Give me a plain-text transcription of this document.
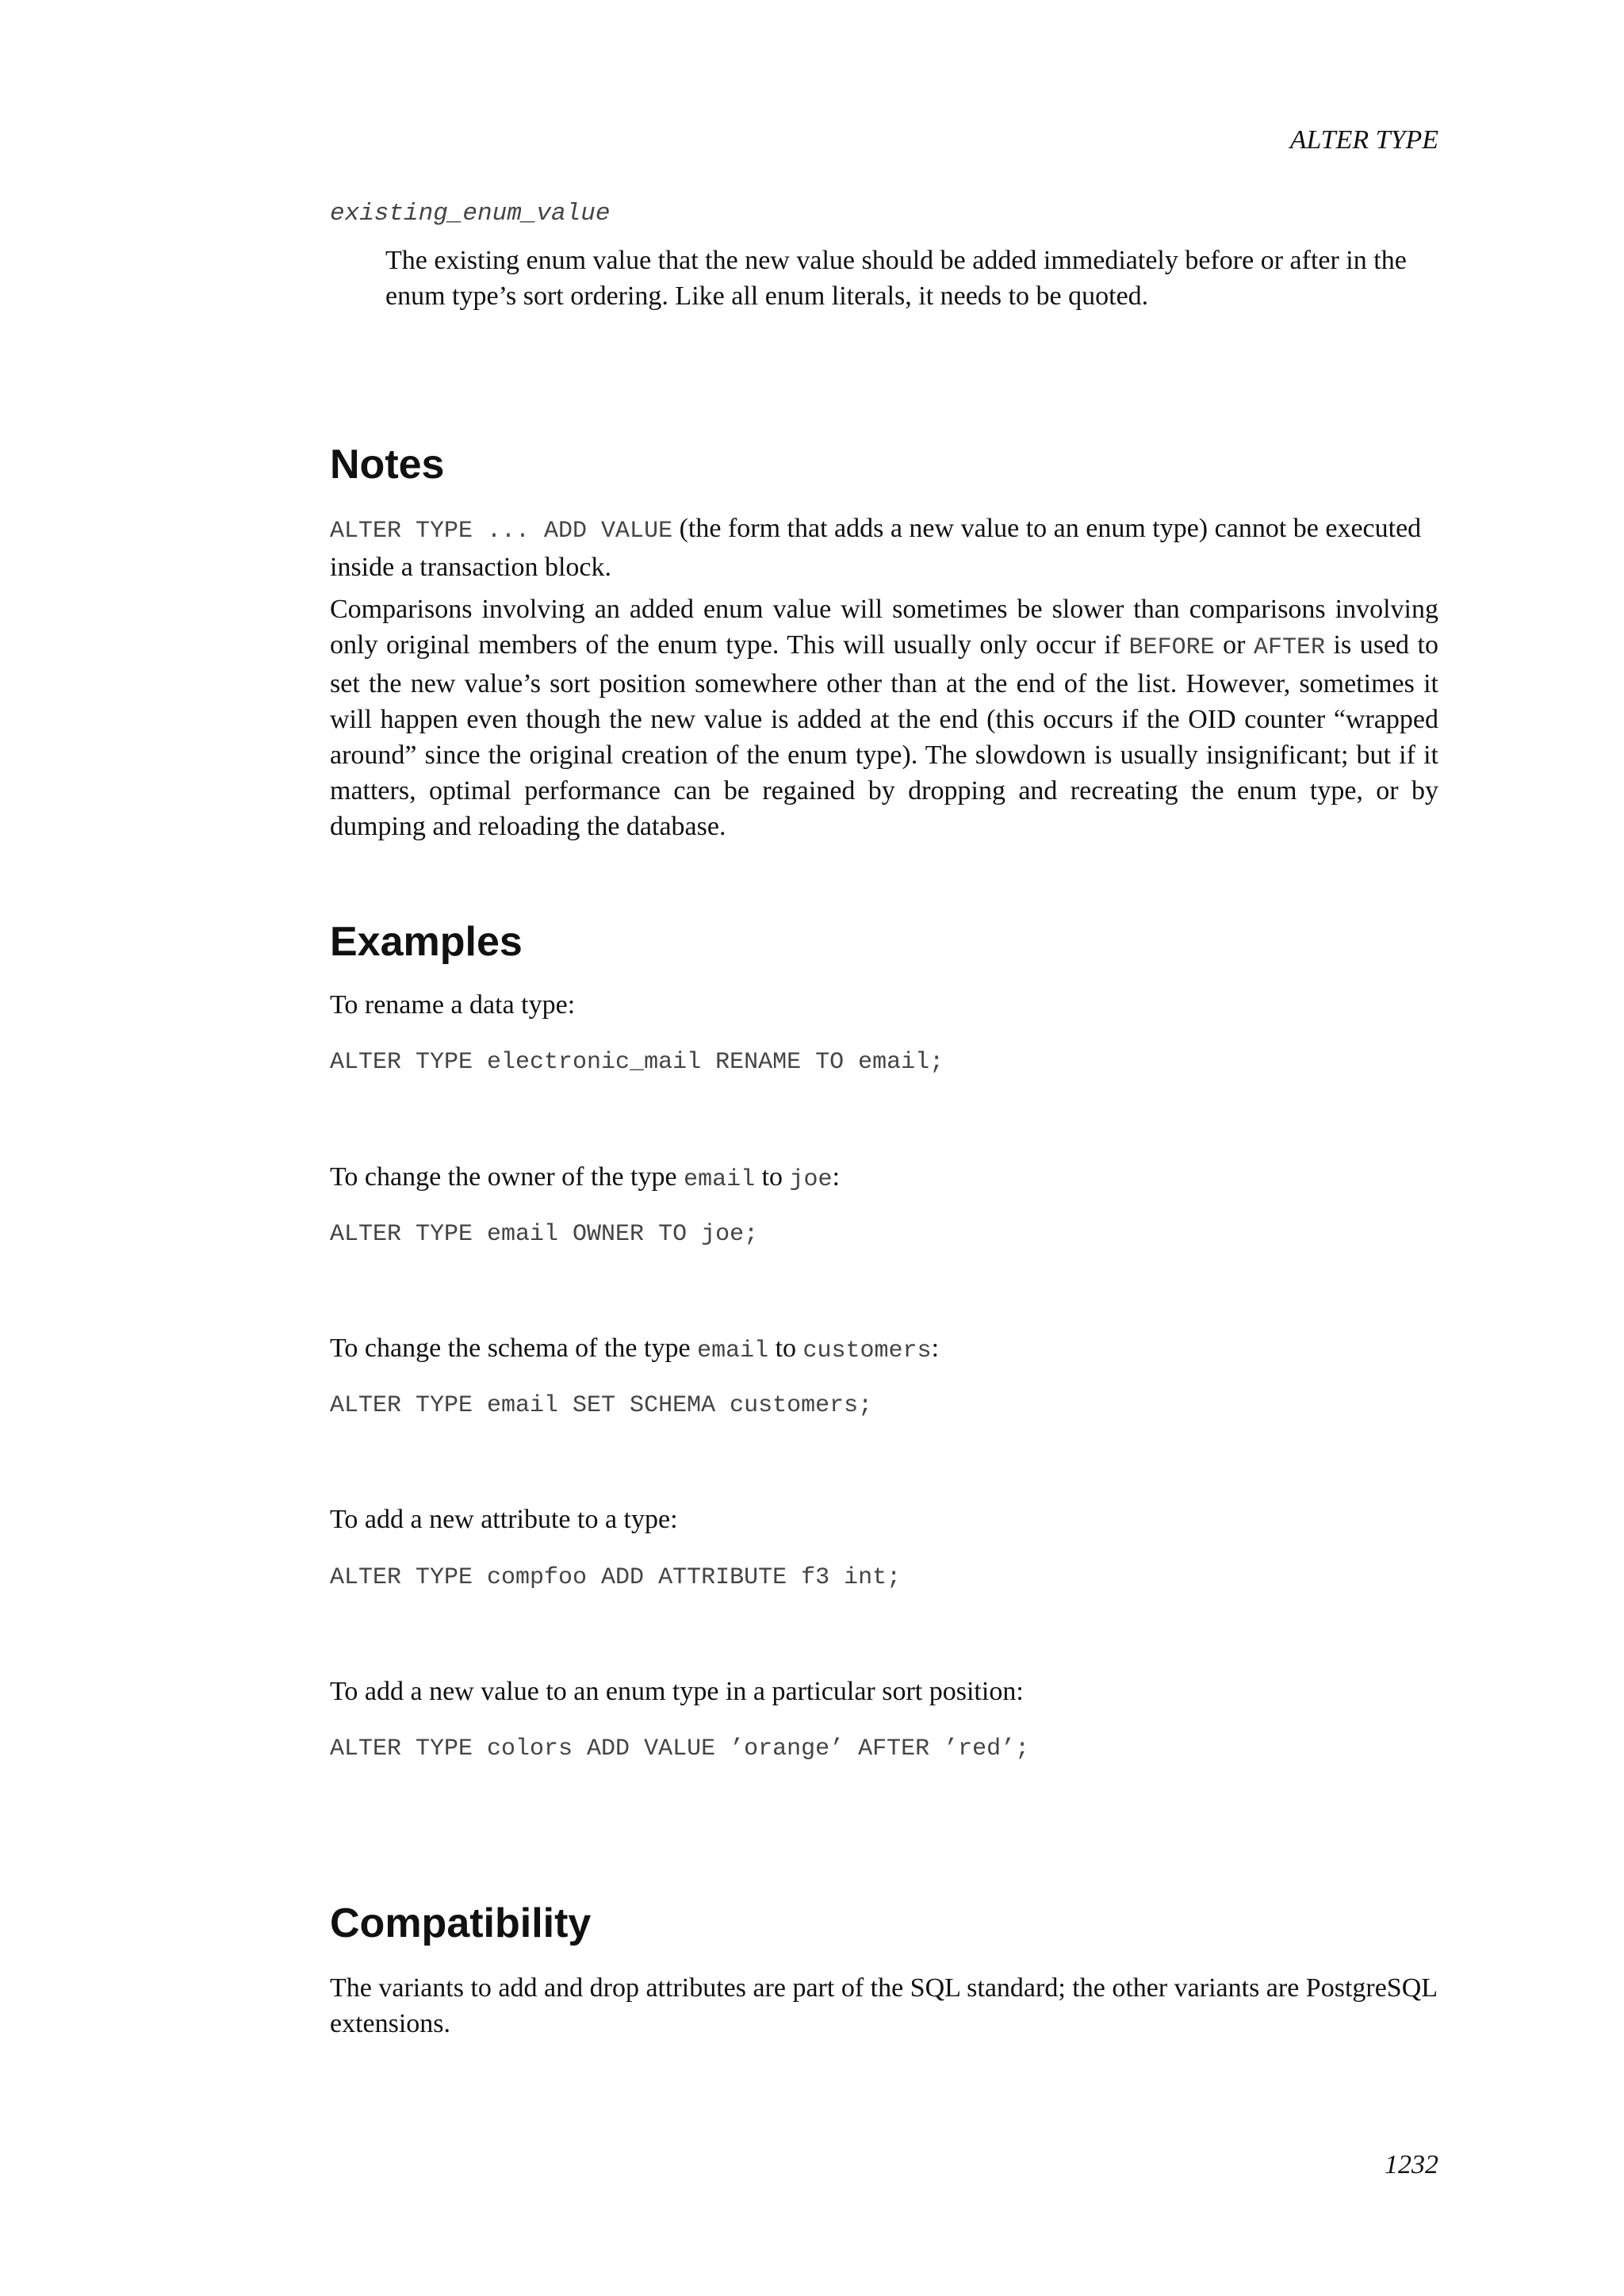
ALTER TYPE
existing_enum_value

The existing enum value that the new value should be added immediately before or after in the enum type’s sort ordering. Like all enum literals, it needs to be quoted.

Notes

ALTER TYPE ... ADD VALUE (the form that adds a new value to an enum type) cannot be executed inside a transaction block.

Comparisons involving an added enum value will sometimes be slower than comparisons involving only original members of the enum type. This will usually only occur if BEFORE or AFTER is used to set the new value’s sort position somewhere other than at the end of the list. However, sometimes it will happen even though the new value is added at the end (this occurs if the OID counter “wrapped around” since the original creation of the enum type). The slowdown is usually insignificant; but if it matters, optimal performance can be regained by dropping and recreating the enum type, or by dumping and reloading the database.

Examples

To rename a data type:

ALTER TYPE electronic_mail RENAME TO email;

To change the owner of the type email to joe:

ALTER TYPE email OWNER TO joe;

To change the schema of the type email to customers:

ALTER TYPE email SET SCHEMA customers;

To add a new attribute to a type:

ALTER TYPE compfoo ADD ATTRIBUTE f3 int;

To add a new value to an enum type in a particular sort position:

ALTER TYPE colors ADD VALUE ’orange’ AFTER ’red’;
Compatibility

The variants to add and drop attributes are part of the SQL standard; the other variants are PostgreSQL extensions.

1232
